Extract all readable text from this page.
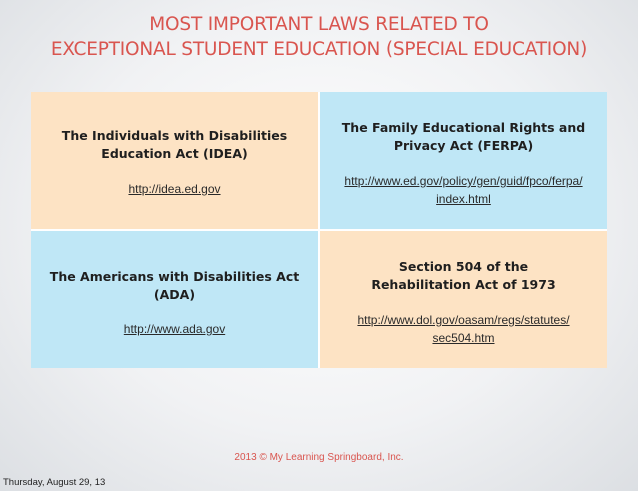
MOST IMPORTANT LAWS RELATED TO
EXCEPTIONAL STUDENT EDUCATION (SPECIAL EDUCATION)
The Individuals with Disabilities
Education Act (IDEA)
http://idea.ed.gov
The Family Educational Rights and
Privacy Act (FERPA)
http://www.ed.gov/policy/gen/guid/fpco/ferpa/
index.html
The Americans with Disabilities Act
(ADA)
http://www.ada.gov
Section 504 of the
Rehabilitation Act of 1973
http://www.dol.gov/oasam/regs/statutes/
sec504.htm
2013 © My Learning Springboard, Inc.
Thursday, August 29, 13
